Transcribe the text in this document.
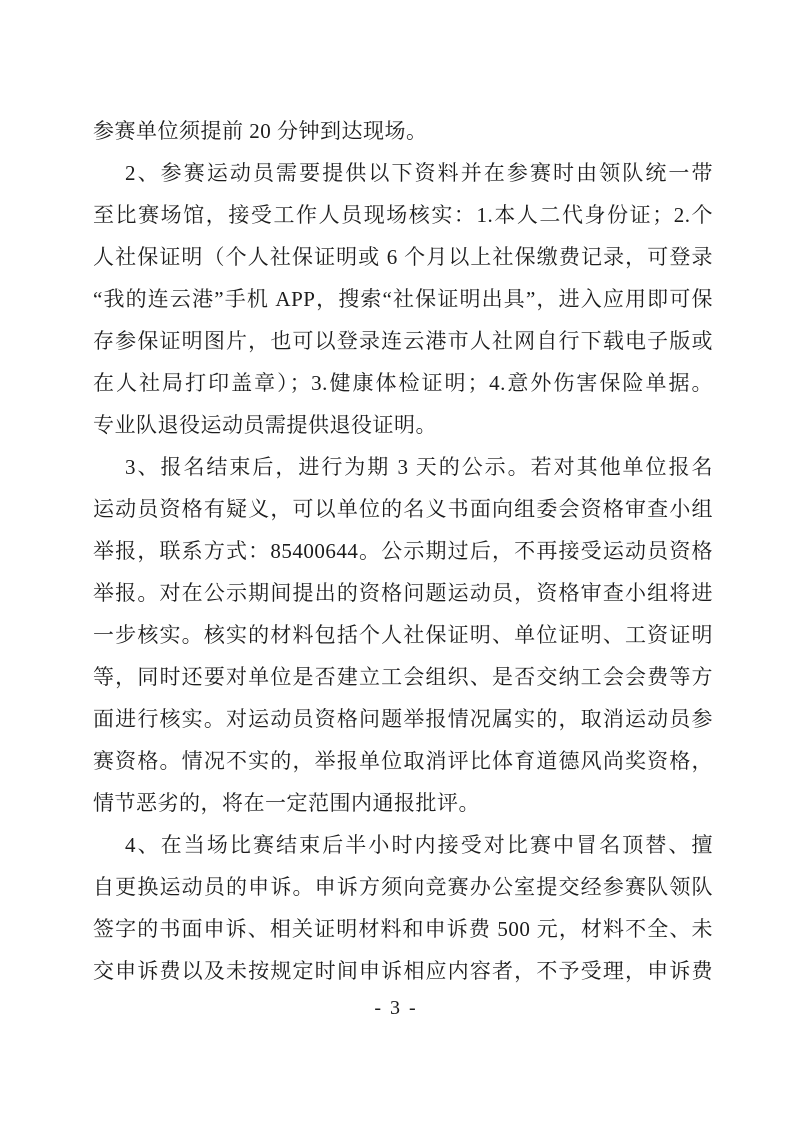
参赛单位须提前 20 分钟到达现场。

2、参赛运动员需要提供以下资料并在参赛时由领队统一带
至比赛场馆，接受工作人员现场核实：1.本人二代身份证；2.个
人社保证明（个人社保证明或 6 个月以上社保缴费记录，可登录
“我的连云港”手机 APP，搜索“社保证明出具”，进入应用即可保
存参保证明图片，也可以登录连云港市人社网自行下载电子版或
在人社局打印盖章）；3.健康体检证明；4.意外伤害保险单据。
专业队退役运动员需提供退役证明。

3、报名结束后，进行为期 3 天的公示。若对其他单位报名
运动员资格有疑义，可以单位的名义书面向组委会资格审查小组
举报，联系方式：85400644。公示期过后，不再接受运动员资格
举报。对在公示期间提出的资格问题运动员，资格审查小组将进
一步核实。核实的材料包括个人社保证明、单位证明、工资证明
等，同时还要对单位是否建立工会组织、是否交纳工会会费等方
面进行核实。对运动员资格问题举报情况属实的，取消运动员参
赛资格。情况不实的，举报单位取消评比体育道德风尚奖资格，
情节恶劣的，将在一定范围内通报批评。

4、在当场比赛结束后半小时内接受对比赛中冒名顶替、擅
自更换运动员的申诉。申诉方须向竞赛办公室提交经参赛队领队
签字的书面申诉、相关证明材料和申诉费 500 元，材料不全、未
交申诉费以及未按规定时间申诉相应内容者，不予受理，申诉费

- 3 -
